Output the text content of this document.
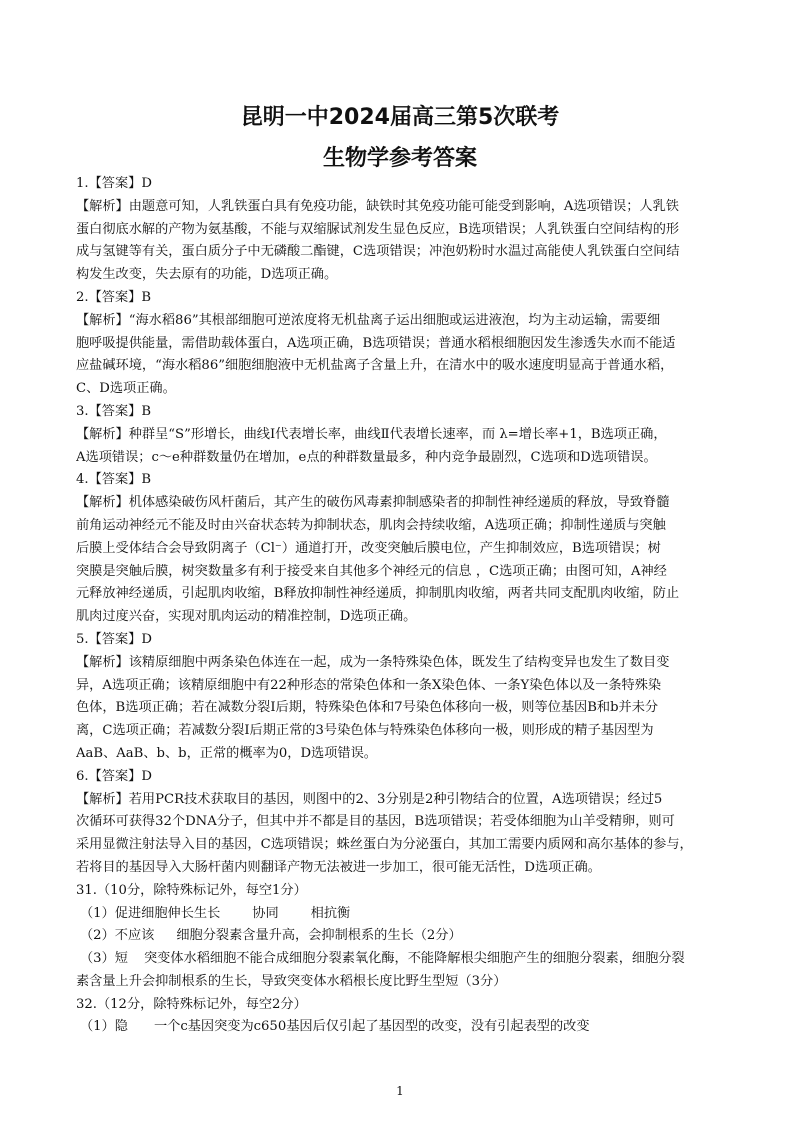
昆明一中2024届高三第5次联考
生物学参考答案
1.【答案】D
【解析】由题意可知，人乳铁蛋白具有免疫功能，缺铁时其免疫功能可能受到影响，A选项错误；人乳铁
蛋白彻底水解的产物为氨基酸，不能与双缩脲试剂发生显色反应，B选项错误；人乳铁蛋白空间结构的形
成与氢键等有关，蛋白质分子中无磷酸二酯键，C选项错误；冲泡奶粉时水温过高能使人乳铁蛋白空间结
构发生改变，失去原有的功能，D选项正确。
2.【答案】B
【解析】“海水稻86”其根部细胞可逆浓度将无机盐离子运出细胞或运进液泡，均为主动运输，需要细
胞呼吸提供能量，需借助载体蛋白，A选项正确，B选项错误；普通水稻根细胞因发生渗透失水而不能适
应盐碱环境，“海水稻86”细胞细胞液中无机盐离子含量上升，在清水中的吸水速度明显高于普通水稻，
C、D选项正确。
3.【答案】B
【解析】种群呈“S”形增长，曲线Ⅰ代表增长率，曲线Ⅱ代表增长速率，而 λ=增长率+1，B选项正确，
A选项错误；c～e种群数量仍在增加，e点的种群数量最多，种内竞争最剧烈，C选项和D选项错误。
4.【答案】B
【解析】机体感染破伤风杆菌后，其产生的破伤风毒素抑制感染者的抑制性神经递质的释放，导致脊髓
前角运动神经元不能及时由兴奋状态转为抑制状态，肌肉会持续收缩，A选项正确；抑制性递质与突触
后膜上受体结合会导致阴离子（Cl⁻）通道打开，改变突触后膜电位，产生抑制效应，B选项错误；树
突膜是突触后膜，树突数量多有利于接受来自其他多个神经元的信息 ，C选项正确；由图可知，A神经
元释放神经递质，引起肌肉收缩，B释放抑制性神经递质，抑制肌肉收缩，两者共同支配肌肉收缩，防止
肌肉过度兴奋，实现对肌肉运动的精准控制，D选项正确。
5.【答案】D
【解析】该精原细胞中两条染色体连在一起，成为一条特殊染色体，既发生了结构变异也发生了数目变
异，A选项正确；该精原细胞中有22种形态的常染色体和一条X染色体、一条Y染色体以及一条特殊染
色体，B选项正确；若在减数分裂Ⅰ后期，特殊染色体和7号染色体移向一极，则等位基因B和b并未分
离，C选项正确；若减数分裂Ⅰ后期正常的3号染色体与特殊染色体移向一极，则形成的精子基因型为
AaB、AaB、b、b，正常的概率为0，D选项错误。
6.【答案】D
【解析】若用PCR技术获取目的基因，则图中的2、3分别是2种引物结合的位置，A选项错误；经过5
次循环可获得32个DNA分子，但其中并不都是目的基因，B选项错误；若受体细胞为山羊受精卵，则可
采用显微注射法导入目的基因，C选项错误；蛛丝蛋白为分泌蛋白，其加工需要内质网和高尔基体的参与，
若将目的基因导入大肠杆菌内则翻译产物无法被进一步加工，很可能无活性，D选项正确。
31.（10分，除特殊标记外，每空1分）
（1）促进细胞伸长生长 协同 相抗衡
（2）不应该 细胞分裂素含量升高，会抑制根系的生长（2分）
（3）短 突变体水稻细胞不能合成细胞分裂素氧化酶，不能降解根尖细胞产生的细胞分裂素，细胞分裂
素含量上升会抑制根系的生长，导致突变体水稻根长度比野生型短（3分）
32.（12分，除特殊标记外，每空2分）
（1）隐 一个c基因突变为c650基因后仅引起了基因型的改变，没有引起表型的改变
1
